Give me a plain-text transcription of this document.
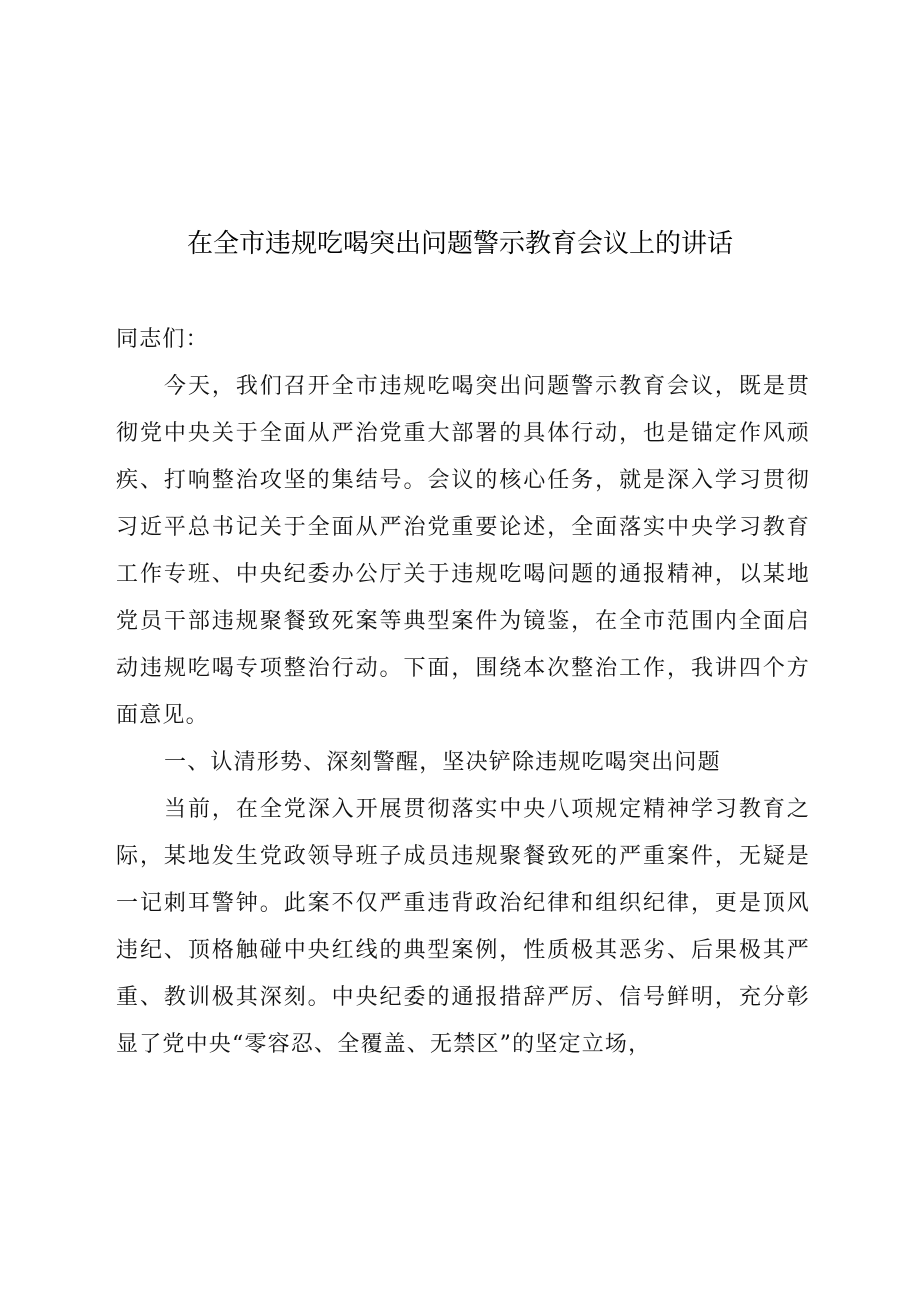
在全市违规吃喝突出问题警示教育会议上的讲话

同志们：

今天，我们召开全市违规吃喝突出问题警示教育会议，既是贯彻党中央关于全面从严治党重大部署的具体行动，也是锚定作风顽疾、打响整治攻坚的集结号。会议的核心任务，就是深入学习贯彻习近平总书记关于全面从严治党重要论述，全面落实中央学习教育工作专班、中央纪委办公厅关于违规吃喝问题的通报精神，以某地党员干部违规聚餐致死案等典型案件为镜鉴，在全市范围内全面启动违规吃喝专项整治行动。下面，围绕本次整治工作，我讲四个方面意见。

一、认清形势、深刻警醒，坚决铲除违规吃喝突出问题

当前，在全党深入开展贯彻落实中央八项规定精神学习教育之际，某地发生党政领导班子成员违规聚餐致死的严重案件，无疑是一记刺耳警钟。此案不仅严重违背政治纪律和组织纪律，更是顶风违纪、顶格触碰中央红线的典型案例，性质极其恶劣、后果极其严重、教训极其深刻。中央纪委的通报措辞严厉、信号鲜明，充分彰显了党中央“零容忍、全覆盖、无禁区”的坚定立场，
